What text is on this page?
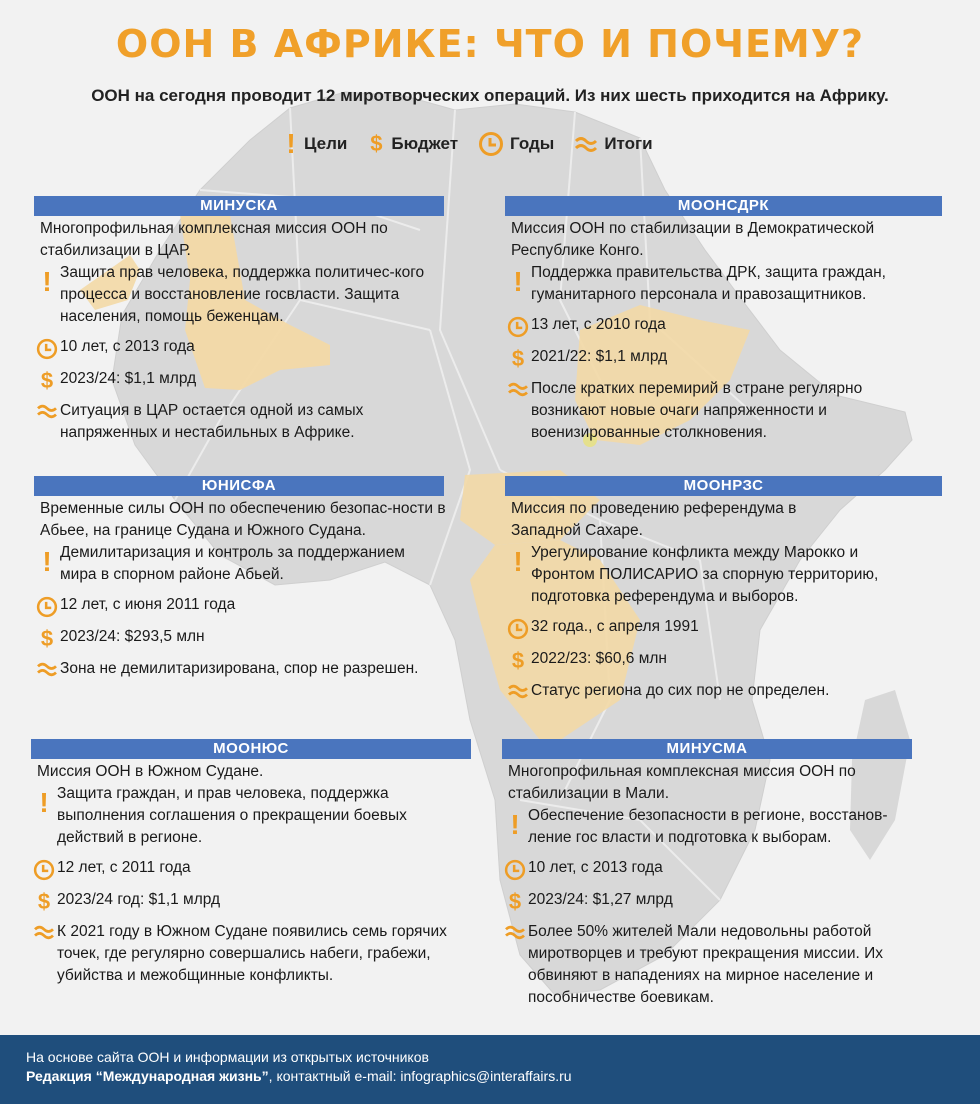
ООН В АФРИКЕ: ЧТО И ПОЧЕМУ?
ООН на сегодня проводит 12 миротворческих операций. Из них шесть приходится на Африку.
! Цели $ Бюджет	Годы	Итоги
МИНУСКА
Многопрофильная комплексная миссия ООН по стабилизации в ЦАР.
! Защита прав человека, поддержка политичес-кого процесса и восстановление госвласти. Защита населения, помощь беженцам.
10 лет, с 2013 года
$ 2023/24: $1,1 млрд
Ситуация в ЦАР остается одной из самых напряженных и нестабильных в Африке.
МООНСДРК
Миссия ООН по стабилизации в Демократической Республике Конго.
! Поддержка правительства ДРК, защита граждан, гуманитарного персонала и правозащитников.
13 лет, с 2010 года
$ 2021/22: $1,1 млрд
После кратких перемирий в стране регулярно возникают новые очаги напряженности и военизированные столкновения.
ЮНИСФА
Временные силы ООН по обеспечению безопас-ности в Абьее, на границе Судана и Южного Судана.
! Демилитаризация и контроль за поддержанием мира в спорном районе Абьей.
12 лет, с июня 2011 года
$ 2023/24: $293,5 млн
Зона не демилитаризирована, спор не разрешен.
МООНРЗС
Миссия по проведению референдума в Западной Сахаре.
! Урегулирование конфликта между Марокко и Фронтом ПОЛИСАРИО за спорную территорию, подготовка референдума и выборов.
32 года., с апреля 1991
$ 2022/23: $60,6 млн
Статус региона до сих пор не определен.
МООНЮС
Миссия ООН в Южном Судане.
! Защита граждан, и прав человека, поддержка выполнения соглашения о прекращении боевых действий в регионе.
12 лет, с 2011 года
$ 2023/24 год: $1,1 млрд
К 2021 году в Южном Судане появились семь горячих точек, где регулярно совершались набеги, грабежи, убийства и межобщинные конфликты.
МИНУСМА
Многопрофильная комплексная миссия ООН по стабилизации в Мали.
! Обеспечение безопасности в регионе, восстанов-ление гос власти и подготовка к выборам.
10 лет, с 2013 года
$ 2023/24: $1,27 млрд
Более 50% жителей Мали недовольны работой миротворцев и требуют прекращения миссии. Их обвиняют в нападениях на мирное население и пособничестве боевикам.
На основе сайта ООН и информации из открытых источников
Редакция “Международная жизнь”, контактный e-mail: infographics@interaffairs.ru
